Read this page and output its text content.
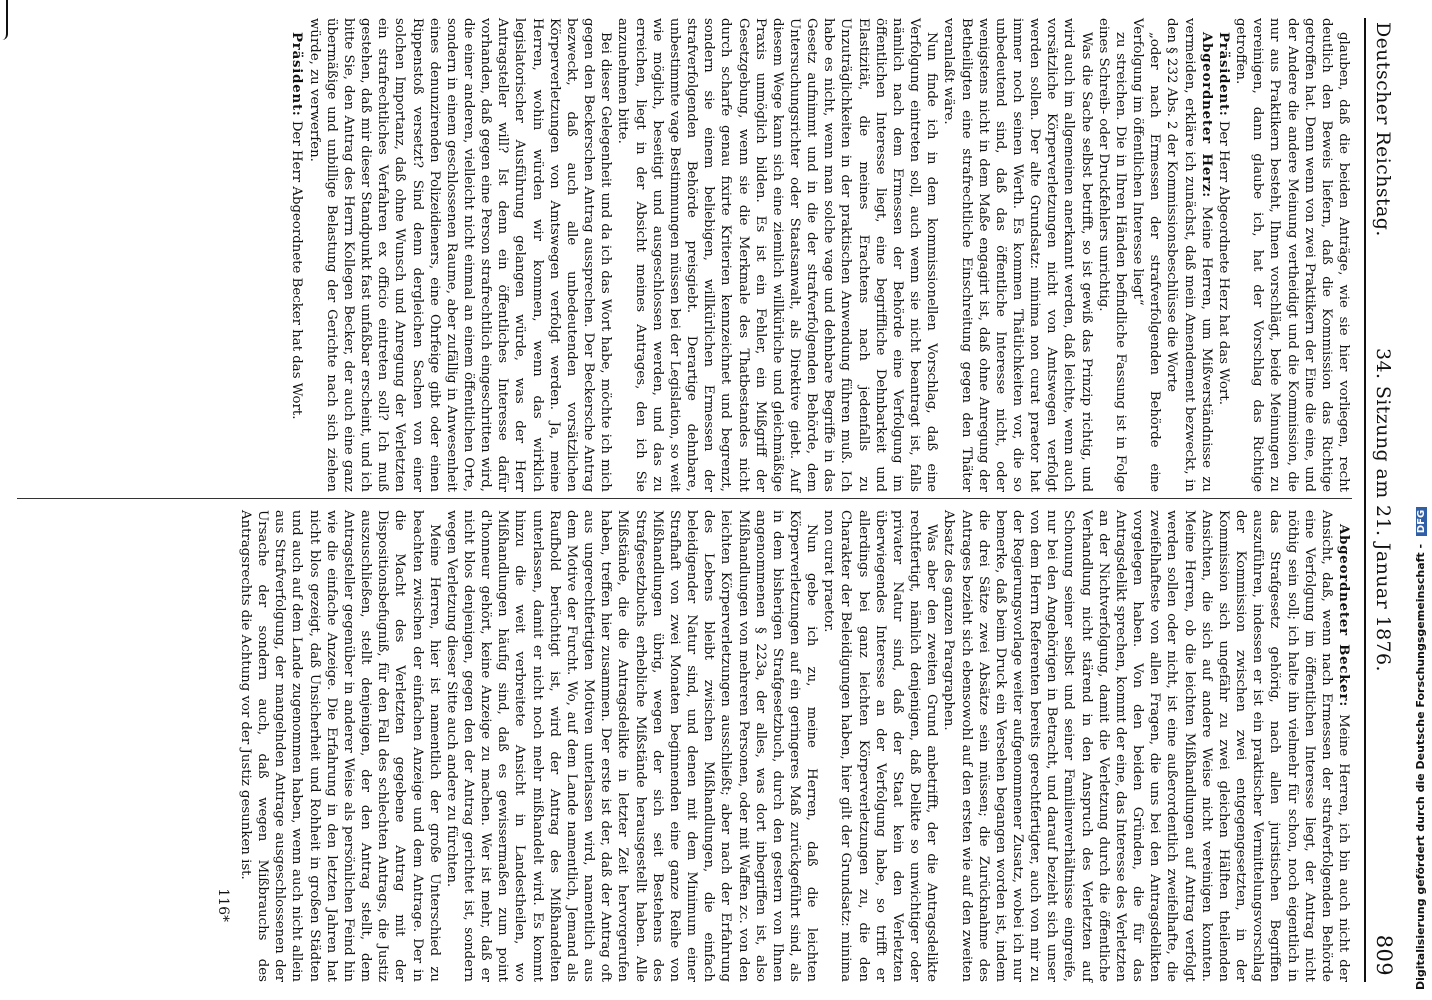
Deutscher Reichstag.
34. Sitzung am 21. Januar 1876.
809

glauben, daß die beiden Anträge, wie sie hier vorliegen, recht deutlich den Beweis liefern, daß die Kommission das Richtige getroffen hat. Denn wenn von zwei Praktikern der Eine die eine, und der Andere die andere Meinung vertheidigt und die Kommission, die nur aus Praktikern besteht, Ihnen vorschlägt, beide Meinungen zu vereinigen, dann glaube ich, hat der Vorschlag das Richtige getroffen.

Präsident: Der Herr Abgeordnete Herz hat das Wort.

Abgeordneter Herz: Meine Herren, um Mißverständnisse zu vermeiden, erkläre ich zunächst, daß mein Amendement bezweckt, in den § 232 Abs. 2 der Kommissionsbeschlüsse die Worte

„oder nach Ermessen der strafverfolgenden Behörde eine Verfolgung im öffentlichen Interesse liegt“

zu streichen. Die in Ihren Händen befindliche Fassung ist in Folge eines Schreib- oder Druckfehlers unrichtig.

Was die Sache selbst betrifft, so ist gewiß das Prinzip richtig, und wird auch im allgemeinen anerkannt werden, daß leichte, wenn auch vorsätzliche Körperverletzungen nicht von Amtswegen verfolgt werden sollen. Der alte Grundsatz: minima non curat praetor hat immer noch seinen Werth. Es kommen Thätlichkeiten vor, die so unbedeutend sind, daß das öffentliche Interesse nicht, oder wenigstens nicht in dem Maße engagirt ist, daß ohne Anregung der Betheiligten eine strafrechtliche Einschreitung gegen den Thäter veranlaßt wäre.

Nun finde ich in dem kommissionellen Vorschlag, daß eine Verfolgung eintreten soll, auch wenn sie nicht beantragt ist, falls nämlich nach dem Ermessen der Behörde eine Verfolgung im öffentlichen Interesse liegt, eine begriffliche Dehnbarkeit und Elastizität, die meines Erachtens nach jedenfalls zu Unzuträglichkeiten in der praktischen Anwendung führen muß. Ich habe es nicht, wenn man solche vage und dehnbare Begriffe in das Gesetz aufnimmt und in die der strafverfolgenden Behörde, dem Untersuchungsrichter oder Staatsanwalt, als Direktive giebt. Auf diesem Wege kann sich eine ziemlich willkürliche und gleichmäßige Praxis unmöglich bilden. Es ist ein Fehler, ein Mißgriff der Gesetzgebung, wenn sie die Merkmale des Thatbestandes nicht durch scharfe genau fixirte Kriterien kennzeichnet und begrenzt, sondern sie einem beliebigen, willkürlichen Ermessen der strafverfolgenden Behörde preisgiebt. Derartige dehnbare, unbestimmte vage Bestimmungen müssen bei der Legislation, so weit wie möglich, beseitigt und ausgeschlossen werden, und das zu erreichen, liegt in der Absicht meines Antrages, den ich Sie anzunehmen bitte.

Bei dieser Gelegenheit und da ich das Wort habe, möchte ich mich gegen den Beckerschen Antrag aussprechen. Der Beckersche Antrag bezweckt, daß auch alle unbedeutenden vorsätzlichen Körperverletzungen von Amtswegen verfolgt werden. Ja, meine Herren, wohin würden wir kommen, wenn das wirklich legislatorischer Ausführung gelangen würde, was der Herr Antragsteller will? Ist denn ein öffentliches Interesse dafür vorhanden, daß gegen eine Person strafrechtlich eingeschritten wird, die einer anderen, vielleicht nicht einmal an einem öffentlichen Orte, sondern in einem geschlossenen Raume, aber zufällig in Anwesenheit eines denunzirenden Polizeidieners, eine Ohrfeige gibt oder einen Rippenstoß versetzt? Sind denn dergleichen Sachen von einer solchen Importanz, daß ohne Wunsch und Anregung der Verletzten ein strafrechtliches Verfahren ex officio eintreten soll? Ich muß gestehen, daß mir dieser Standpunkt fast unfaßbar erscheint, und ich bitte Sie, den Antrag des Herrn Kollegen Becker, der auch eine ganz übermäßige und unbillige Belastung der Gerichte nach sich ziehen würde, zu verwerfen.

Präsident: Der Herr Abgeordnete Becker hat das Wort.

Abgeordneter Becker: Meine Herren, ich bin auch nicht der Ansicht, daß, wenn nach Ermessen der strafverfolgenden Behörde eine Verfolgung im öffentlichen Interesse liegt, der Antrag nicht nöthig sein soll; ich halte ihn vielmehr für schon, noch eigentlich in das Strafgesetz gehörig, nach allen juristischen Begriffen auszuführen, indessen er ist ein praktischer Vermittelungsvorschlag der Kommission zwischen zwei entgegengesetzten, in der Kommission sich ungefähr zu zwei gleichen Hälften theilenden Ansichten, die sich auf andere Weise nicht vereinigen konnten. Meine Herren, ob die leichten Mißhandlungen auf Antrag verfolgt werden sollen oder nicht, ist eine außerordentlich zweifelhafte, die zweifelhafteste von allen Fragen, die uns bei den Antragsdelikten vorgelegen haben. Von den beiden Gründen, die für das Antragsdelikt sprechen, kommt der eine, das Interesse des Verletzten an der Nichtverfolgung, damit die Verletzung durch die öffentliche Verhandlung nicht stärend in den Anspruch des Verletzten auf Schonung seiner selbst und seiner Familienverhältnisse eingreife, nur bei den Angehörigen in Betracht, und darauf bezieht sich unser von dem Herrn Referenten bereits gerechtfertigter, auch von mir zu der Regierungsvorlage weiter aufgenommener Zusatz, wobei ich nur bemerke, daß beim Druck ein Versehen begangen worden ist, indem die drei Sätze zwei Absätze sein müssen; die Zurücknahme des Antrages bezieht sich ebensowohl auf den ersten wie auf den zweiten Absatz des ganzen Paragraphen.

Was aber den zweiten Grund anbetrifft, der die Antragsdelikte rechtfertigt, nämlich denjenigen, daß Delikte so unwichtiger oder privater Natur sind, daß der Staat kein den Verletzten überwiegendes Interesse an der Verfolgung habe, so trifft er allerdings bei ganz leichten Körperverletzungen zu, die den Charakter der Beleidigungen haben, hier gilt der Grundsatz: minima non curat praetor.

Nun gebe ich zu, meine Herren, daß die leichten Körperverletzungen auf ein geringeres Maß zurückgeführt sind, als in dem bisherigen Strafgesetzbuch, durch den gestern von Ihnen angenommenen § 223a, der alles, was dort inbegriffen ist, also Mißhandlungen von mehreren Personen, oder mit Waffen zc. von den leichten Körperverletzungen ausschließt; aber nach der Erfahrung des Lebens bleibt zwischen Mißhandlungen, die einfach beleidigender Natur sind, und denen mit dem Minimum einer Strafhaft von zwei Monaten beginnenden eine ganze Reihe von Mißhandlungen übrig, wegen der sich seit Bestehens des Strafgesetzbuchs erhebliche Mißstände herausgestellt haben. Alle Mißstände, die die Antragsdelikte in letzter Zeit hervorgerufen haben, treffen hier zusammen. Der erste ist der, daß der Antrag oft aus ungerechtfertigten Motiven unterlassen wird, namentlich aus dem Motive der Furcht. Wo, auf dem Lande namentlich, Jemand als Raufbold berüchtigt ist, wird der Antrag des Mißhandelten unterlassen, damit er nicht noch mehr mißhandelt wird. Es kommt hinzu die weit verbreitete Ansicht in Landestheilen, wo Mißhandlungen häufig sind, daß es gewissermaßen zum point d'honneur gehört, keine Anzeige zu machen. Wer ist mehr, daß er nicht blos denjenigen, gegen den der Antrag gerichtet ist, sondern wegen Verletzung dieser Sitte auch andere zu fürchten.

Meine Herren, hier ist namentlich der große Unterschied zu beachten zwischen der einfachen Anzeige und dem Antrage. Der in die Macht des Verletzten gegebene Antrag mit der Dispositionsbefugniß, für den Fall des schlechten Antrags, die Justiz auszuschließen, stellt denjenigen, der den Antrag stellt, dem Antragsteller gegenüber in anderer Weise als persönlichen Feind hin wie die einfache Anzeige. Die Erfahrung in den letzten Jahren hat nicht blos gezeigt, daß Unsicherheit und Rohheit in großen Städten und auch auf dem Lande zugenommen haben, wenn auch nicht allein aus Strafverfolgung, der mangelnden Antrage ausgeschlossenen der Ursache der sondern auch, daß wegen Mißbrauchs des Antragsrechts die Achtung vor der Justiz gesunken ist.

116*	Digitalisierung gefördert durch die Deutsche Forschungsgemeinschaft - DFG
